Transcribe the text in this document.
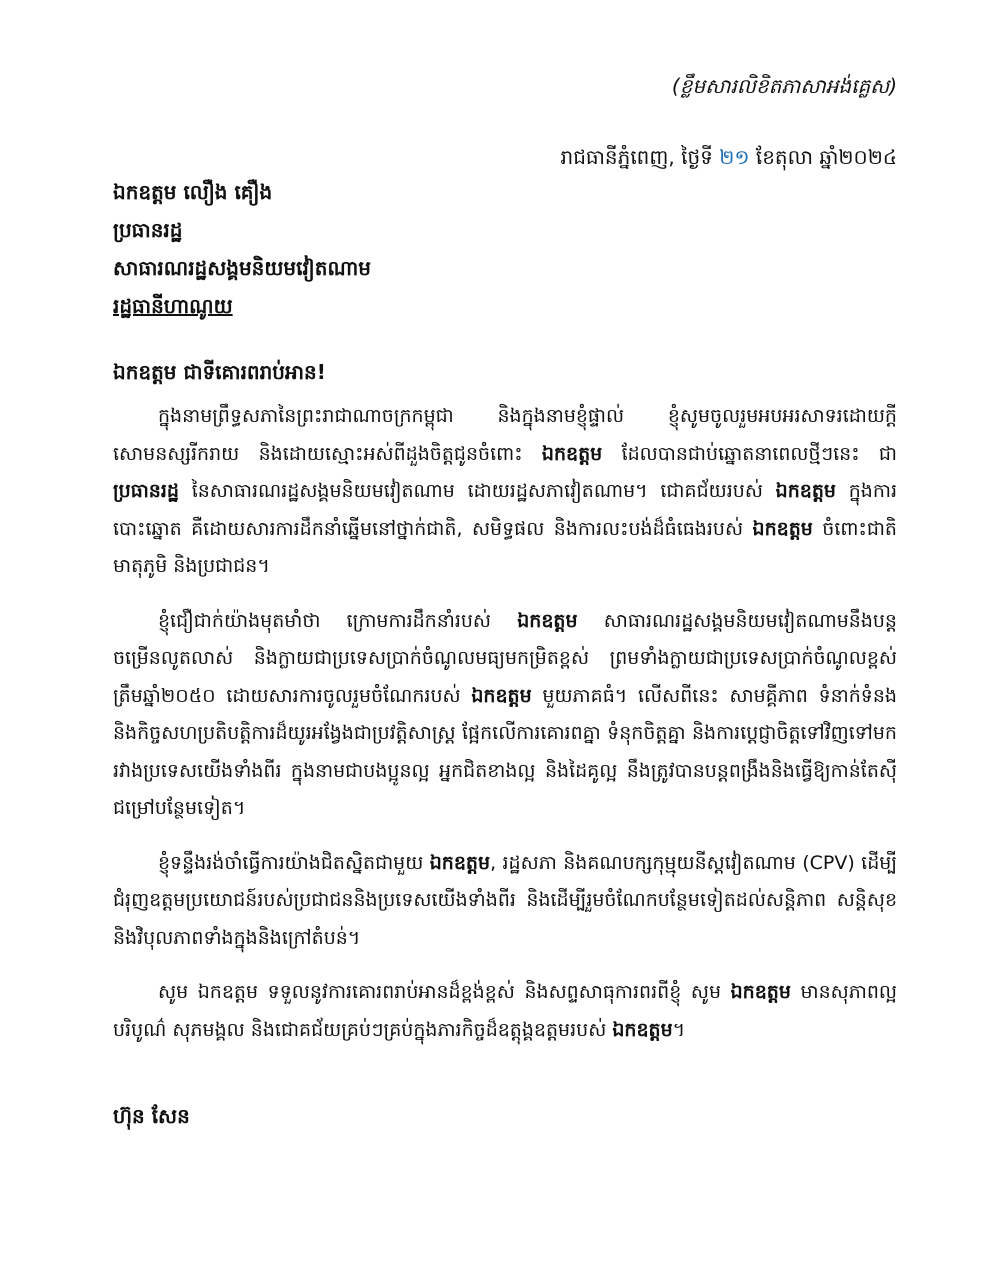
(ខ្លឹមសារលិខិតភាសាអង់គ្លេស)
រាជធានីភ្នំពេញ, ថ្ងៃទី ២១ ខែតុលា ឆ្នាំ២០២៤
ឯកឧត្តម លឿង គឿង
ប្រធានរដ្ឋ
សាធារណរដ្ឋសង្គមនិយមវៀតណាម
រដ្ឋធានីហាណូយ
ឯកឧត្តម ជាទីគោរពរាប់អាន!

ក្នុងនាមព្រឹទ្ធសភានៃព្រះរាជាណាចក្រកម្ពុជា និងក្នុងនាមខ្ញុំផ្ទាល់ ខ្ញុំសូមចូលរួមអបអរសាទរដោយក្តីសោមនស្សរីករាយ និងដោយស្មោះអស់ពីដួងចិត្តជូនចំពោះ ឯកឧត្តម ដែលបានជាប់ឆ្នោតនាពេលថ្មីៗនេះ ជា ប្រធានរដ្ឋ នៃសាធារណរដ្ឋសង្គមនិយមវៀតណាម ដោយរដ្ឋសភាវៀតណាម។ ជោគជ័យរបស់ ឯកឧត្តម ក្នុងការបោះឆ្នោត គឺដោយសារការដឹកនាំឆ្នើមនៅថ្នាក់ជាតិ, សមិទ្ធផល និងការលះបង់ដ៏ធំធេងរបស់ ឯកឧត្តម ចំពោះជាតិមាតុភូមិ និងប្រជាជន។

ខ្ញុំជឿជាក់យ៉ាងមុតមាំថា ក្រោមការដឹកនាំរបស់ ឯកឧត្តម សាធារណរដ្ឋសង្គមនិយមវៀតណាមនឹងបន្តចម្រើនលូតលាស់ និងក្លាយជាប្រទេសប្រាក់ចំណូលមធ្យមកម្រិតខ្ពស់ ព្រមទាំងក្លាយជាប្រទេសប្រាក់ចំណូលខ្ពស់ត្រឹមឆ្នាំ២០៥០ ដោយសារការចូលរួមចំណែករបស់ ឯកឧត្តម មួយភាគធំ។ លើសពីនេះ សាមគ្គីភាព ទំនាក់ទំនង និងកិច្ចសហប្រតិបត្តិការដ៏យូរអង្វែងជាប្រវត្តិសាស្ត្រ ផ្អែកលើការគោរពគ្នា ទំនុកចិត្តគ្នា និងការប្តេជ្ញាចិត្តទៅវិញទៅមករវាងប្រទេសយើងទាំងពីរ ក្នុងនាមជាបងប្អូនល្អ អ្នកជិតខាងល្អ និងដៃគូល្អ នឹងត្រូវបានបន្តពង្រឹងនិងធ្វើឱ្យកាន់តែស៊ីជម្រៅបន្ថែមទៀត។

ខ្ញុំទន្ទឹងរង់ចាំធ្វើការយ៉ាងជិតស្និតជាមួយ ឯកឧត្តម, រដ្ឋសភា និងគណបក្សកុម្មុយនីស្តវៀតណាម (CPV) ដើម្បីជំរុញឧត្តមប្រយោជន៍របស់ប្រជាជននិងប្រទេសយើងទាំងពីរ និងដើម្បីរួមចំណែកបន្ថែមទៀតដល់សន្តិភាព សន្តិសុខ និងវិបុលភាពទាំងក្នុងនិងក្រៅតំបន់។

សូម ឯកឧត្តម ទទួលនូវការគោរពរាប់អានដ៏ខ្ពង់ខ្ពស់ និងសព្ទសាធុការពរពីខ្ញុំ សូម ឯកឧត្តម មានសុភាពល្អបរិបូណ៌ សុភមង្គល និងជោគជ័យគ្រប់ៗគ្រប់ក្នុងភារកិច្ចដ៏ឧត្តុង្គឧត្តមរបស់ ឯកឧត្តម។

ហ៊ុន សែន
